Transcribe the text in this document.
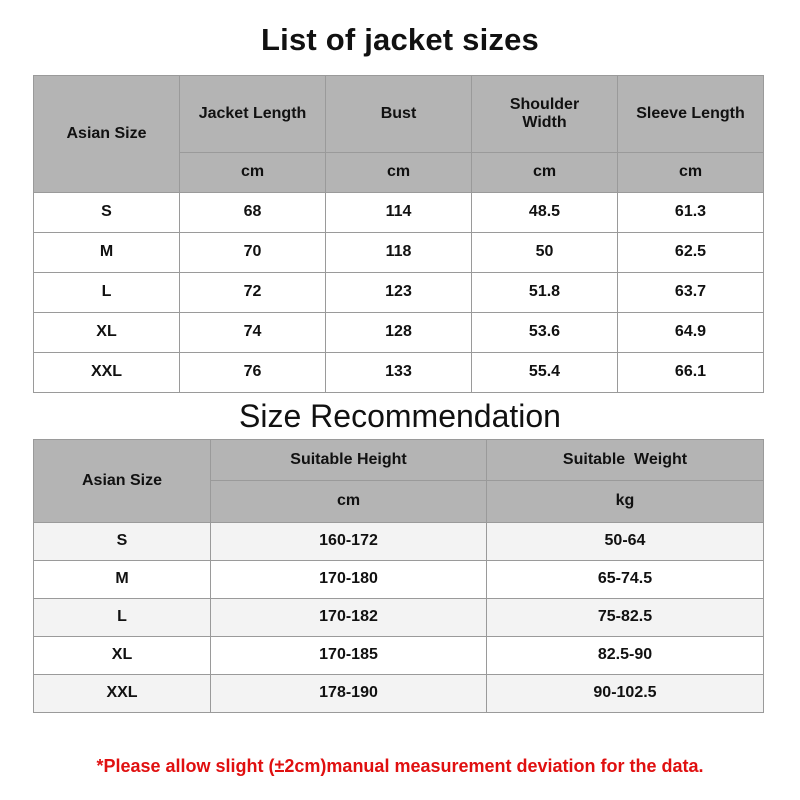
List of jacket sizes
Asian Size	Jacket Length	Bust	Shoulder Width	Sleeve Length
	cm	cm	cm	cm
S	68	114	48.5	61.3
M	70	118	50	62.5
L	72	123	51.8	63.7
XL	74	128	53.6	64.9
XXL	76	133	55.4	66.1
Size Recommendation
Asian Size	Suitable Height	Suitable  Weight
	cm	kg
S	160-172	50-64
M	170-180	65-74.5
L	170-182	75-82.5
XL	170-185	82.5-90
XXL	178-190	90-102.5
*Please allow slight (±2cm)manual measurement deviation for the data.
